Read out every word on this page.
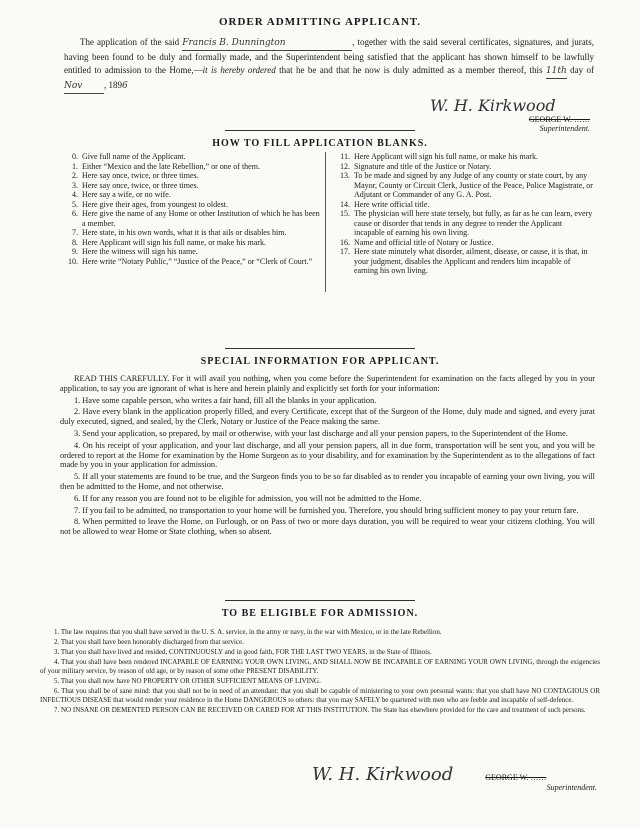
ORDER ADMITTING APPLICANT.
The application of the said Francis B. Dunnington	, together with the said several certificates, signatures, and jurats, having been found to be duly and formally made, and the Superintendent being satisfied that the applicant has shown himself to be lawfully entitled to admission to the Home,—it is hereby ordered that he be and that he now is duly admitted as a member thereof, this 11th day of Nov , 1896
W. H. Kirkwood
GEORGE W. ……
Superintendent.
HOW TO FILL APPLICATION BLANKS.
0. Give full name of the Applicant.
1. Either “Mexico and the late Rebellion,” or one of them.
2. Here say once, twice, or three times.
3. Here say once, twice, or three times.
4. Here say a wife, or no wife.
5. Here give their ages, from youngest to oldest.
6. Here give the name of any Home or other Institution of which he has been a member.
7. Here state, in his own words, what it is that ails or disables him.
8. Here Applicant will sign his full name, or make his mark.
9. Here the witness will sign his name.
10. Here write “Notary Public,” “Justice of the Peace,” or “Clerk of Court.”
11. Here Applicant will sign his full name, or make his mark.
12. Signature and title of the Justice or Notary.
13. To be made and signed by any Judge of any county or state court, by any Mayor, County or Circuit Clerk, Justice of the Peace, Police Magistrate, or Adjutant or Commander of any G. A. Post.
14. Here write official title.
15. The physician will here state tersely, but fully, as far as he can learn, every cause or disorder that tends in any degree to render the Applicant incapable of earning his own living.
16. Name and official title of Notary or Justice.
17. Here state minutely what disorder, ailment, disease, or cause, it is that, in your judgment, disables the Applicant and renders him incapable of earning his own living.
SPECIAL INFORMATION FOR APPLICANT.

READ THIS CAREFULLY. For it will avail you nothing, when you come before the Superintendent for examination on the facts alleged by you in your application, to say you are ignorant of what is here and herein plainly and explicitly set forth for your information:

1. Have some capable person, who writes a fair hand, fill all the blanks in your application.

2. Have every blank in the application properly filled, and every Certificate, except that of the Surgeon of the Home, duly made and signed, and every jurat duly executed, signed, and sealed, by the Clerk, Notary or Justice of the Peace making the same.

3. Send your application, so prepared, by mail or otherwise, with your last discharge and all your pension papers, to the Superintendent of the Home.

4. On his receipt of your application, and your last discharge, and all your pension papers, all in due form, transportation will be sent you, and you will be ordered to report at the Home for examination by the Home Surgeon as to your disability, and for examination by the Superintendent as to the allegations of fact made by you in your application for admission.

5. If all your statements are found to be true, and the Surgeon finds you to be so far disabled as to render you incapable of earning your own living, you will then be admitted to the Home, and not otherwise.

6. If for any reason you are found not to be eligible for admission, you will not be admitted to the Home.

7. If you fail to be admitted, no transportation to your home will be furnished you. Therefore, you should bring sufficient money to pay your return fare.

8. When permitted to leave the Home, on Furlough, or on Pass of two or more days duration, you will be required to wear your citizens clothing. You will not be allowed to wear Home or State clothing, when so absent.

TO BE ELIGIBLE FOR ADMISSION.

1. The law requires that you shall have served in the U. S. A. service, in the army or navy, in the war with Mexico, or in the late Rebellion.

2. That you shall have been honorably discharged from that service.

3. That you shall have lived and resided, CONTINUOUSLY and in good faith, FOR THE LAST TWO YEARS, in the State of Illinois.

4. That you shall have been rendered INCAPABLE OF EARNING YOUR OWN LIVING, AND SHALL NOW BE INCAPABLE OF EARNING YOUR OWN LIVING, through the exigencies of your military service, by reason of old age, or by reason of some other PRESENT DISABILITY.

5. That you shall now have NO PROPERTY OR OTHER SUFFICIENT MEANS OF LIVING.

6. That you shall be of sane mind: that you shall not be in need of an attendant: that you shall be capable of ministering to your own personal wants: that you shall have NO CONTAGIOUS OR INFECTIOUS DISEASE that would render your residence in the Home DANGEROUS to others: that you may SAFELY be quartered with men who are feeble and incapable of self-defence.

7. NO INSANE OR DEMENTED PERSON CAN BE RECEIVED OR CARED FOR AT THIS INSTITUTION. The State has elsewhere provided for the care and treatment of such persons.

W. H. Kirkwood	GEORGE W. ……
Superintendent.
